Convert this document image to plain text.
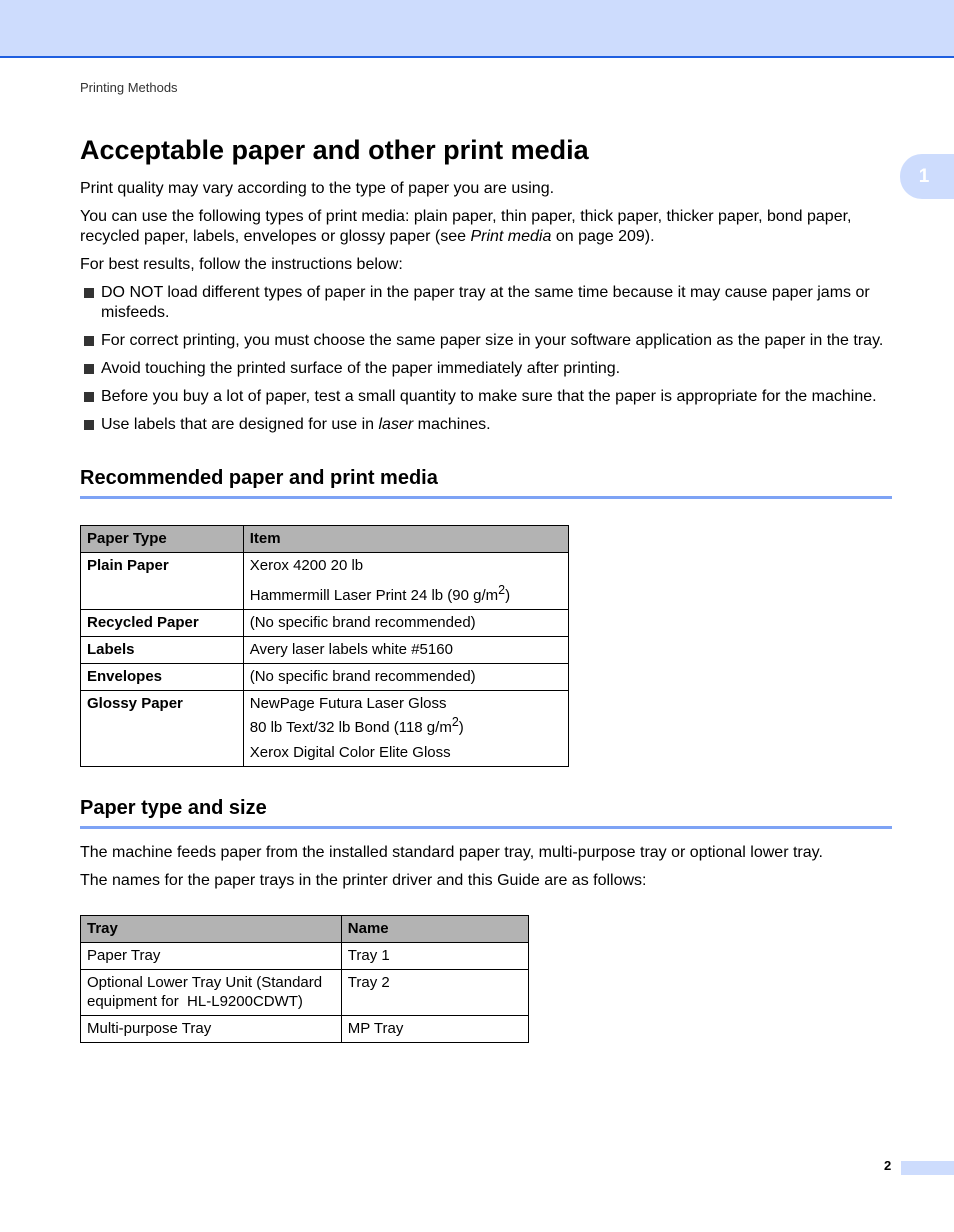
Printing Methods
1
Acceptable paper and other print media

Print quality may vary according to the type of paper you are using.

You can use the following types of print media: plain paper, thin paper, thick paper, thicker paper, bond paper, recycled paper, labels, envelopes or glossy paper (see Print media on page 209).

For best results, follow the instructions below:

DO NOT load different types of paper in the paper tray at the same time because it may cause paper jams or misfeeds.
For correct printing, you must choose the same paper size in your software application as the paper in the tray.
Avoid touching the printed surface of the paper immediately after printing.
Before you buy a lot of paper, test a small quantity to make sure that the paper is appropriate for the machine.
Use labels that are designed for use in laser machines.
Recommended paper and print media
Paper Type	Item
Plain Paper	Xerox 4200 20 lb
Hammermill Laser Print 24 lb (90 $g/m^2$)

Recycled Paper	(No specific brand recommended)
Labels	Avery laser labels white #5160
Envelopes	(No specific brand recommended)
Glossy Paper	NewPage Futura Laser Gloss
80 lb Text/32 lb Bond (118 $g/m^2$)
Xerox Digital Color Elite Gloss
Paper type and size

The machine feeds paper from the installed standard paper tray, multi-purpose tray or optional lower tray.

The names for the paper trays in the printer driver and this Guide are as follows:

Tray	Name
Paper Tray	Tray 1

Optional Lower Tray Unit (Standard
equipment for  HL-L9200CDWT)	Tray 2
Multi-purpose Tray	MP Tray
2
